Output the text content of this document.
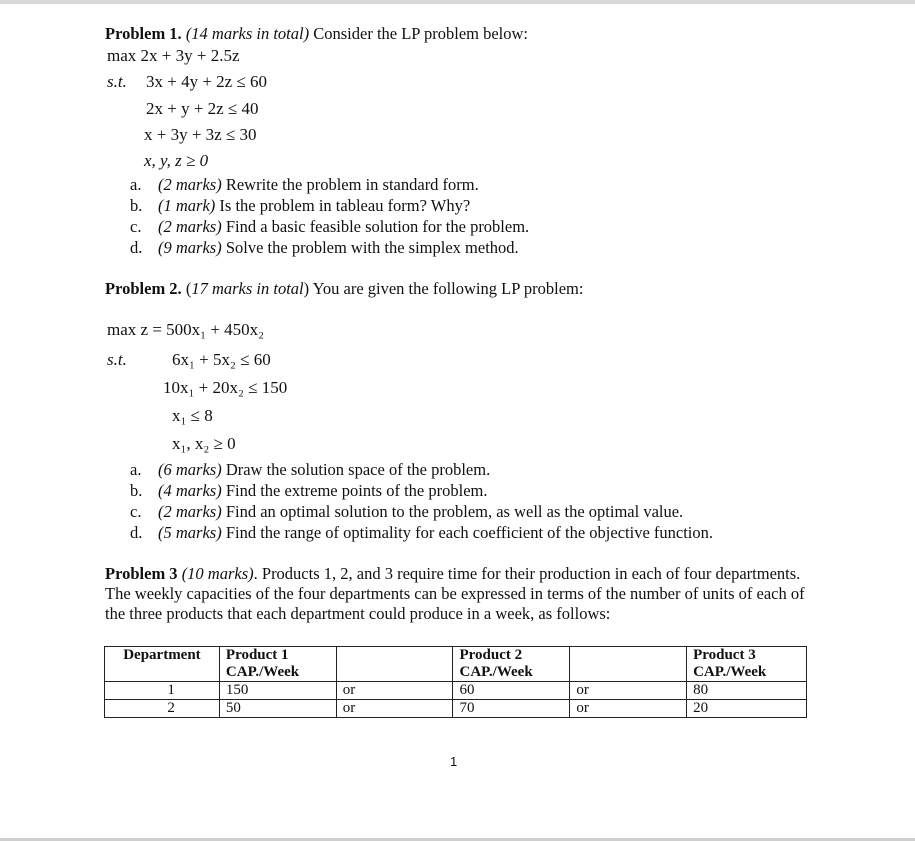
Problem 1. (14 marks in total) Consider the LP problem below:
max 2x + 3y + 2.5z
s.t. 3x + 4y + 2z ≤ 60
2x + y + 2z ≤ 40
x + 3y + 3z ≤ 30
x, y, z ≥ 0
a. (2 marks) Rewrite the problem in standard form.
b. (1 mark) Is the problem in tableau form? Why?
c. (2 marks) Find a basic feasible solution for the problem.
d. (9 marks) Solve the problem with the simplex method.
Problem 2. (17 marks in total) You are given the following LP problem:
max z = 500x₁ + 450x₂
s.t.	6x₁ + 5x₂ ≤ 60
10x₁ + 20x₂ ≤ 150
x₁ ≤ 8
x₁, x₂ ≥ 0
a. (6 marks) Draw the solution space of the problem.
b. (4 marks) Find the extreme points of the problem.
c. (2 marks) Find an optimal solution to the problem, as well as the optimal value.
d. (5 marks) Find the range of optimality for each coefficient of the objective function.
Problem 3 (10 marks). Products 1, 2, and 3 require time for their production in each of four departments. The weekly capacities of the four departments can be expressed in terms of the number of units of each of the three products that each department could produce in a week, as follows:
Department	Product 1		Product 2		Product 3
	CAP./Week		CAP./Week		CAP./Week
1	150	or	60	or	80
2	50	or	70	or	20
1
